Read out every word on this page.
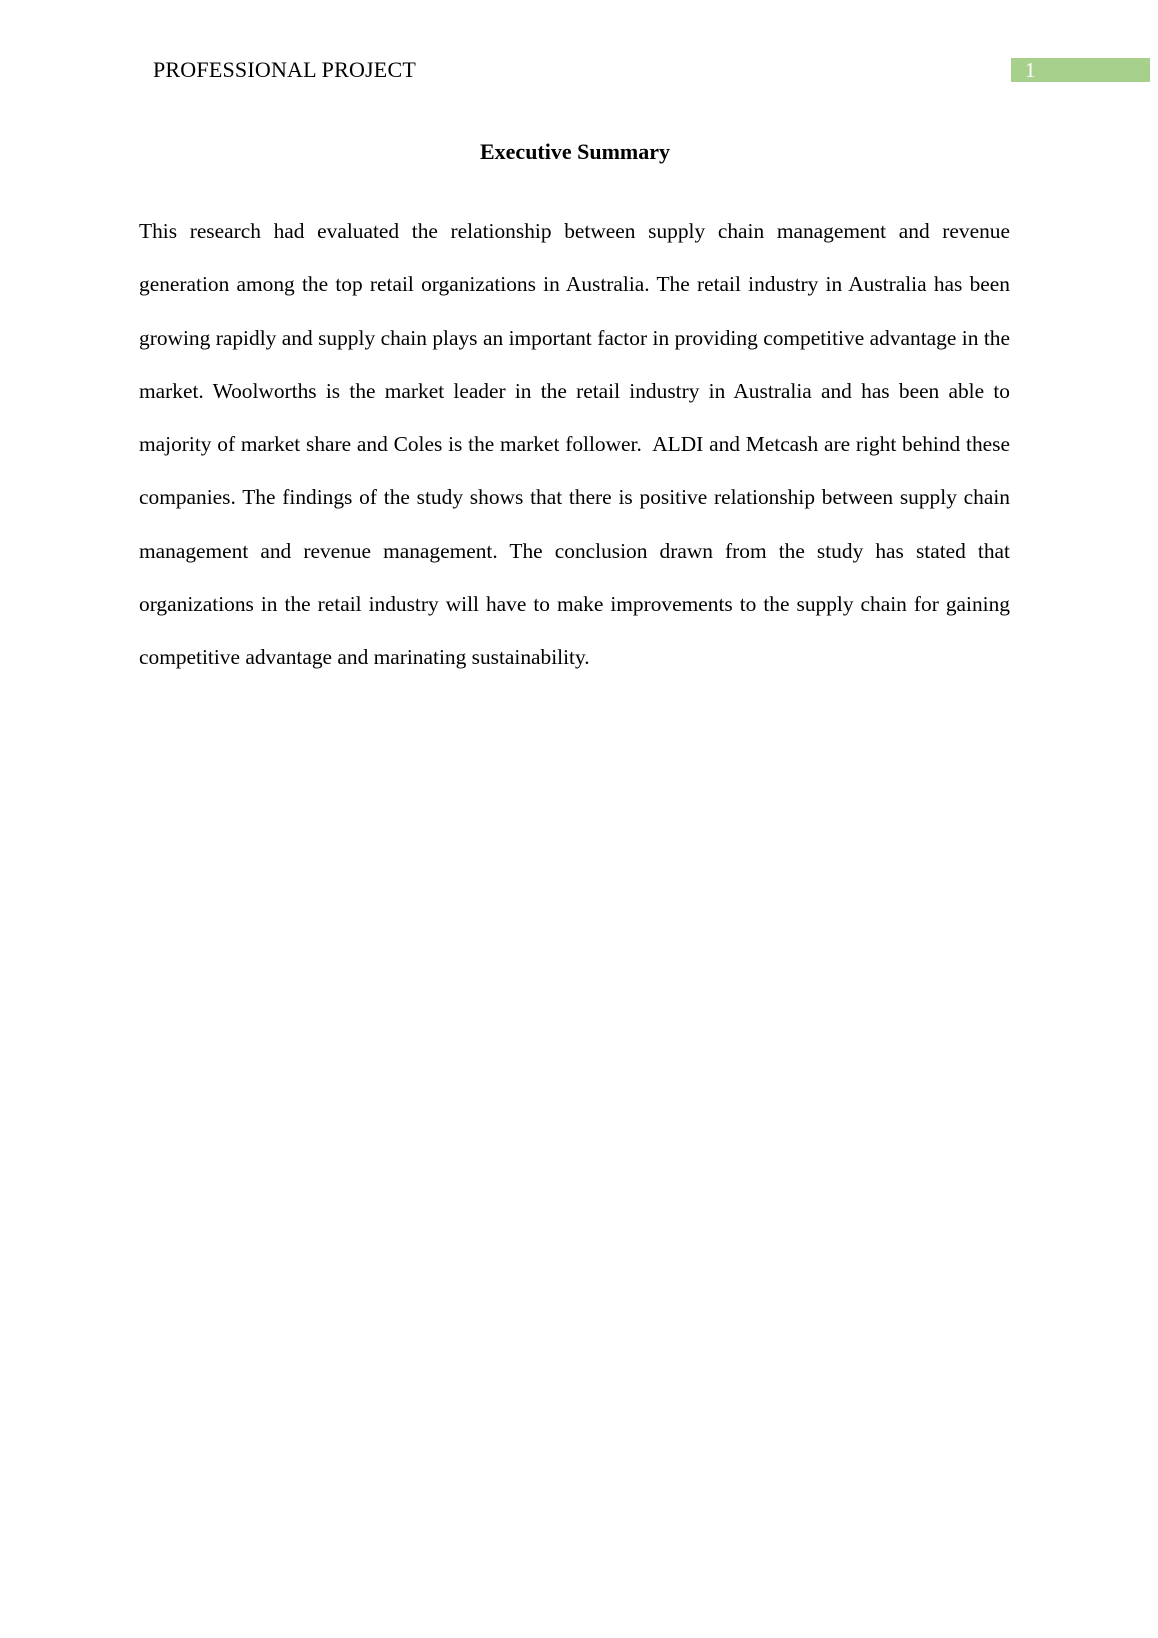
PROFESSIONAL PROJECT	1
Executive Summary

This research had evaluated the relationship between supply chain management and revenue generation among the top retail organizations in Australia. The retail industry in Australia has been growing rapidly and supply chain plays an important factor in providing competitive advantage in the market. Woolworths is the market leader in the retail industry in Australia and has been able to majority of market share and Coles is the market follower.  ALDI and Metcash are right behind these companies. The findings of the study shows that there is positive relationship between supply chain management and revenue management. The conclusion drawn from the study has stated that organizations in the retail industry will have to make improvements to the supply chain for gaining competitive advantage and marinating sustainability.
